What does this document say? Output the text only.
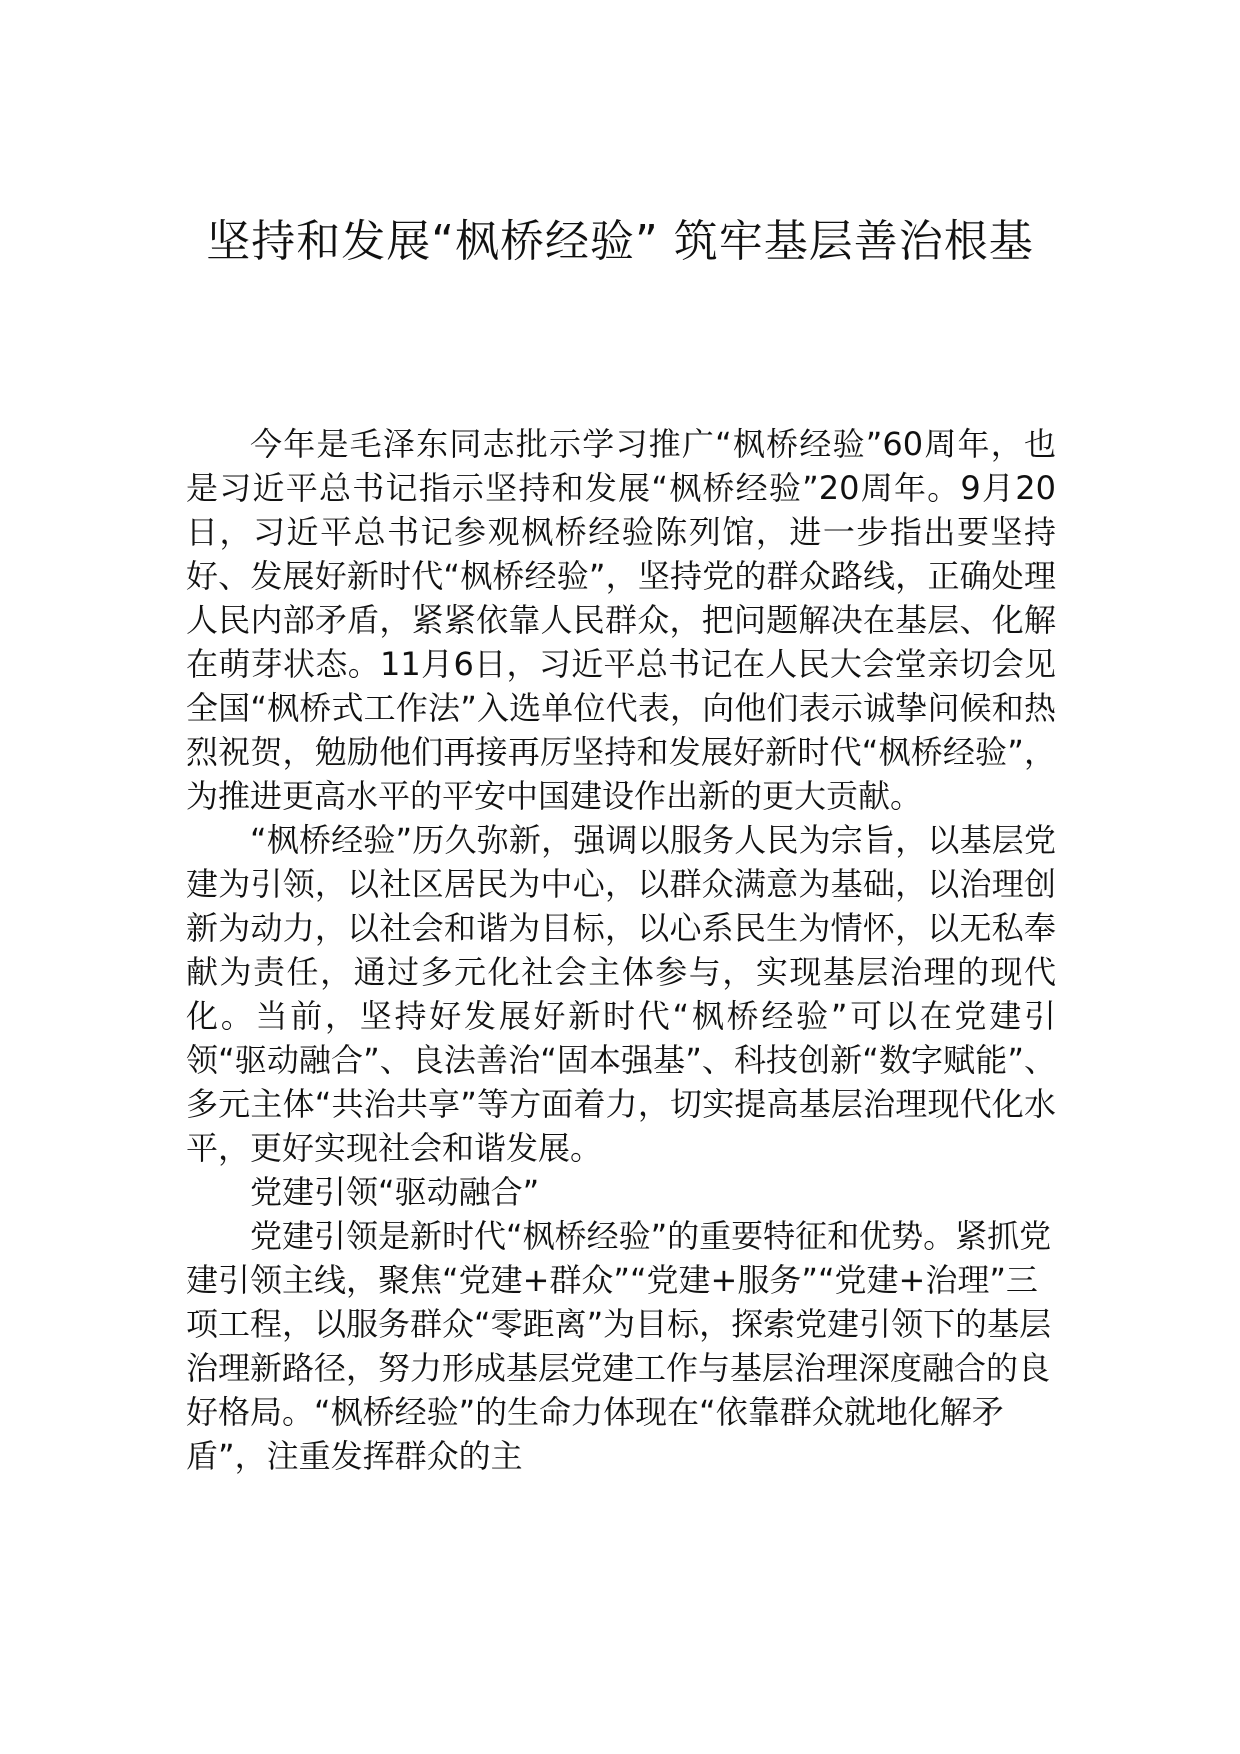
坚持和发展“枫桥经验” 筑牢基层善治根基

今年是毛泽东同志批示学习推广“枫桥经验”60周年，也是习近平总书记指示坚持和发展“枫桥经验”20周年。9月20日，习近平总书记参观枫桥经验陈列馆，进一步指出要坚持好、发展好新时代“枫桥经验”，坚持党的群众路线，正确处理人民内部矛盾，紧紧依靠人民群众，把问题解决在基层、化解在萌芽状态。11月6日，习近平总书记在人民大会堂亲切会见全国“枫桥式工作法”入选单位代表，向他们表示诚挚问候和热烈祝贺，勉励他们再接再厉坚持和发展好新时代“枫桥经验”，为推进更高水平的平安中国建设作出新的更大贡献。

“枫桥经验”历久弥新，强调以服务人民为宗旨，以基层党建为引领，以社区居民为中心，以群众满意为基础，以治理创新为动力，以社会和谐为目标，以心系民生为情怀，以无私奉献为责任，通过多元化社会主体参与，实现基层治理的现代化。当前，坚持好发展好新时代“枫桥经验”可以在党建引领“驱动融合”、良法善治“固本强基”、科技创新“数字赋能”、多元主体“共治共享”等方面着力，切实提高基层治理现代化水平，更好实现社会和谐发展。

党建引领“驱动融合”

党建引领是新时代“枫桥经验”的重要特征和优势。紧抓党建引领主线，聚焦“党建+群众”“党建+服务”“党建+治理”三项工程，以服务群众“零距离”为目标，探索党建引领下的基层治理新路径，努力形成基层党建工作与基层治理深度融合的良好格局。“枫桥经验”的生命力体现在“依靠群众就地化解矛盾”，注重发挥群众的主
